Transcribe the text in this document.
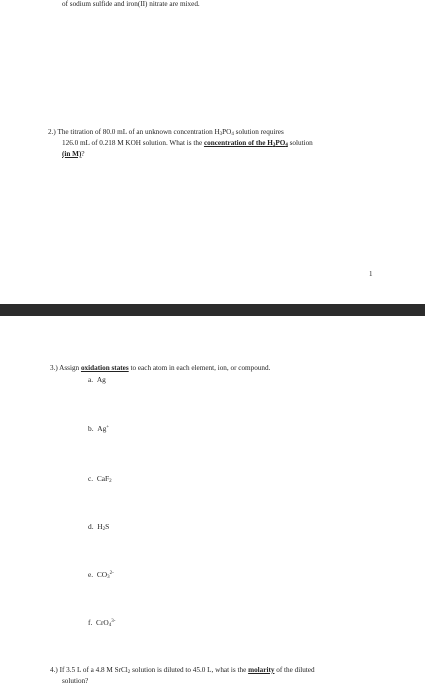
of sodium sulfide and iron(II) nitrate are mixed.
2.) The titration of 80.0 mL of an unknown concentration $H_3PO_4$ solution requires
126.0 mL of 0.218 M KOH solution. What is the concentration of the $H_3PO_4$ solution
(in M)?
1
3.) Assign oxidation states to each atom in each element, ion, or compound.
a. Ag
b. Ag+
c. CaF$_2$
d. $H_2S$
e. $CO_3^{2-}$
f. CrO$_4^{3-}$
4.) If 3.5 L of a 4.8 M SrCl$_2$ solution is diluted to 45.0 L, what is the molarity of the diluted
solution?
